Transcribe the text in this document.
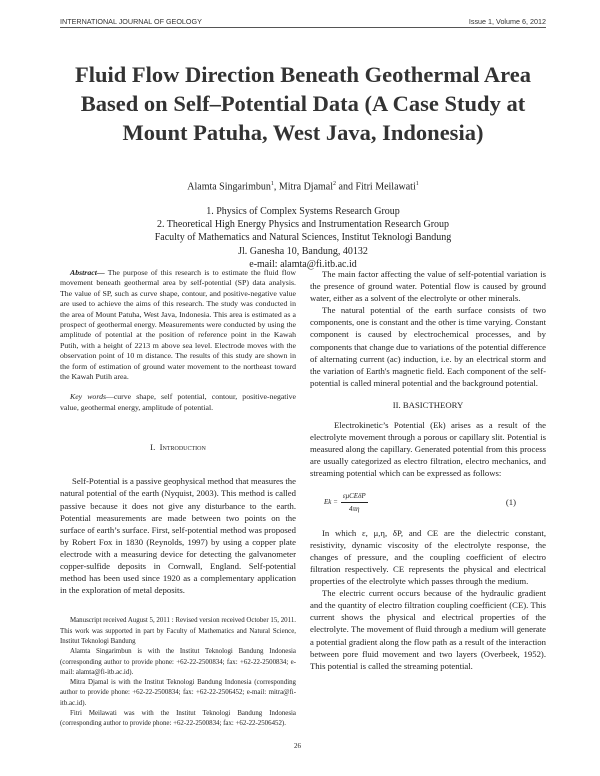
INTERNATIONAL JOURNAL OF GEOLOGY	Issue 1, Volume 6, 2012
Fluid Flow Direction Beneath Geothermal Area Based on Self–Potential Data (A Case Study at Mount Patuha, West Java, Indonesia)
Alamta Singarimbun$^1$, Mitra Djamal$^2$ and Fitri Meilawati$^1$
1. Physics of Complex Systems Research Group
2. Theoretical High Energy Physics and Instrumentation Research Group
Faculty of Mathematics and Natural Sciences, Institut Teknologi Bandung
Jl. Ganesha 10, Bandung, 40132
e-mail: alamta@fi.itb.ac.id

Abstract— The purpose of this research is to estimate the fluid flow movement beneath geothermal area by self-potential (SP) data analysis. The value of SP, such as curve shape, contour, and positive-negative value are used to achieve the aims of this research. The study was conducted in the area of Mount Patuha, West Java, Indonesia. This area is estimated as a prospect of geothermal energy. Measurements were conducted by using the amplitude of potential at the position of reference point in the Kawah Putih, with a height of 2213 m above sea level. Electrode moves with the observation point of 10 m distance. The results of this study are shown in the form of estimation of ground water movement to the northeast toward the Kawah Putih area.

Key words—curve shape, self potential, contour, positive-negative value, geothermal energy, amplitude of potential.

I. Introduction

Self-Potential is a passive geophysical method that measures the natural potential of the earth (Nyquist, 2003). This method is called passive because it does not give any disturbance to the earth. Potential measurements are made between two points on the surface of earth’s surface. First, self-potential method was proposed by Robert Fox in 1830 (Reynolds, 1997) by using a copper plate electrode with a measuring device for detecting the galvanometer copper-sulfide deposits in Cornwall, England. Self-potential method has been used since 1920 as a complementary application in the exploration of metal deposits.

Manuscript received August 5, 2011 : Revised version received October 15, 2011. This work was supported in part by Faculty of Mathematics and Natural Science, Institut Teknologi Bandung

Alamta Singarimbun is with the Institut Teknologi Bandung Indonesia (corresponding author to provide phone: +62-22-2500834; fax: +62-22-2500834; e-mail: alamta@fi-itb.ac.id).

Mitra Djamal is with the Institut Teknologi Bandung Indonesia (corresponding author to provide phone: +62-22-2500834; fax: +62-22-2506452; e-mail: mitra@fi-itb.ac.id).

Fitri Meilawati was with the Institut Teknologi Bandung Indonesia (corresponding author to provide phone: +62-22-2500834; fax: +62-22-2506452).

The main factor affecting the value of self-potential variation is the presence of ground water. Potential flow is caused by ground water, either as a solvent of the electrolyte or other minerals.

The natural potential of the earth surface consists of two components, one is constant and the other is time varying. Constant component is caused by electrochemical processes, and by components that change due to variations of the potential difference of alternating current (ac) induction, i.e. by an electrical storm and the variation of Earth's magnetic field. Each component of the self-potential is called mineral potential and the background potential.

II. BASICTHEORY

Electrokinetic’s Potential (Ek) arises as a result of the electrolyte movement through a porous or capillary slit. Potential is measured along the capillary. Generated potential from this process are usually categorized as electro filtration, electro mechanics, and streaming potential which can be expressed as follows:

$Ek = \frac{\text{εμCEδP}}{4\pi\eta}$	(1)

In which ε, μ,η, δP, and CE are the dielectric constant, resistivity, dynamic viscosity of the electrolyte response, the changes of pressure, and the coupling coefficient of electro filtration respectively. CE represents the physical and electrical properties of the electrolyte which passes through the medium.

The electric current occurs because of the hydraulic gradient and the quantity of electro filtration coupling coefficient (CE). This current shows the physical and electrical properties of the electrolyte. The movement of fluid through a medium will generate a potential gradient along the flow path as a result of the interaction between pore fluid movement and two layers (Overbeek, 1952). This potential is called the streaming potential.

26
